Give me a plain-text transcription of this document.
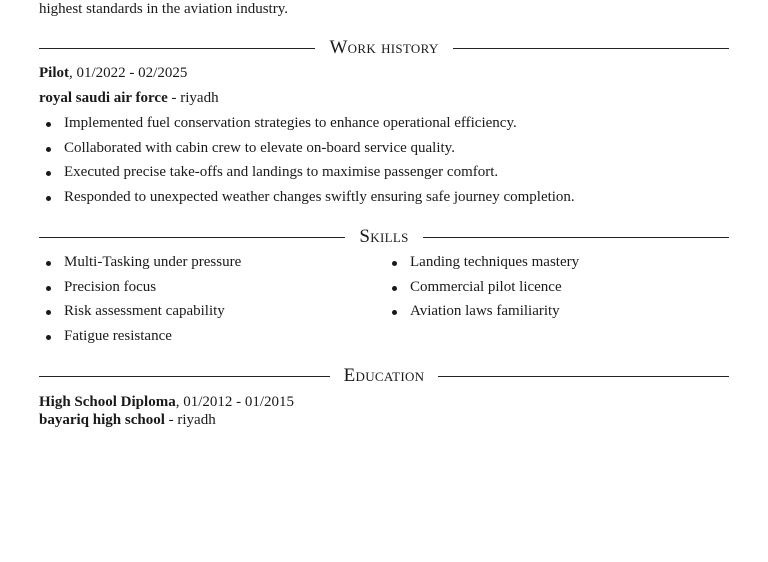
highest standards in the aviation industry.
Work history
Pilot, 01/2022 - 02/2025
royal saudi air force - riyadh
Implemented fuel conservation strategies to enhance operational efficiency.
Collaborated with cabin crew to elevate on-board service quality.
Executed precise take-offs and landings to maximise passenger comfort.
Responded to unexpected weather changes swiftly ensuring safe journey completion.
Skills
Multi-Tasking under pressure
Precision focus
Risk assessment capability
Fatigue resistance
Landing techniques mastery
Commercial pilot licence
Aviation laws familiarity
Education
High School Diploma, 01/2012 - 01/2015
bayariq high school - riyadh
